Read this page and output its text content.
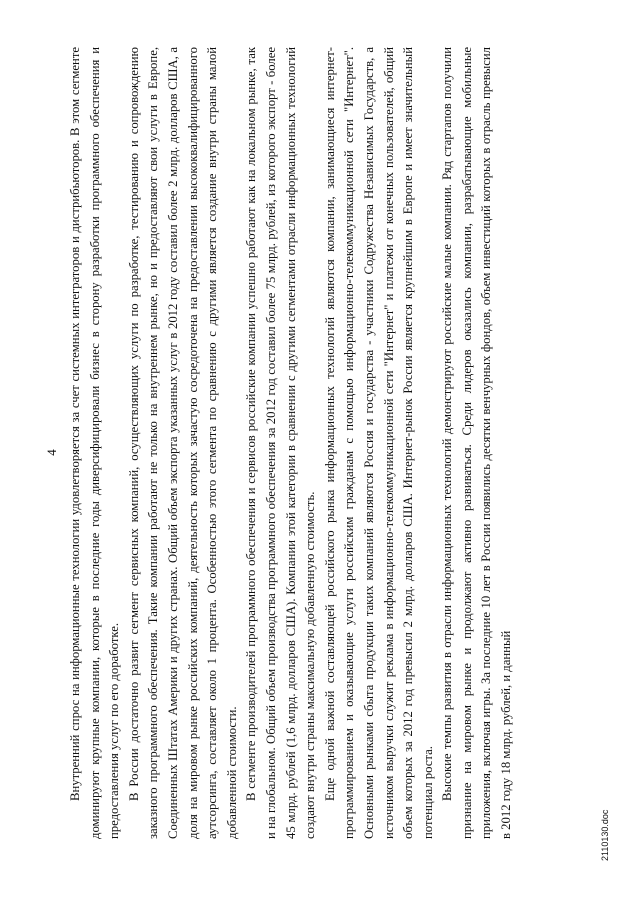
4 Внутренний спрос на информационные технологии удовлетворяется за счет системных интеграторов и дистрибьюторов. В этом сегменте доминируют крупные компании, которые в последние годы диверсифицировали бизнес в сторону разработки программного обеспечения и предоставления услуг по его доработке. В России достаточно развит сегмент сервисных компаний, осуществляющих услуги по разработке, тестированию и сопровождению заказного программного обеспечения. Такие компании работают не только на внутреннем рынке, но и предоставляют свои услуги в Европе, Соединенных Штатах Америки и других странах. Общий объем экспорта указанных услуг в 2012 году составил более 2 млрд. долларов США, а доля на мировом рынке российских компаний, деятельность которых зачастую сосредоточена на предоставлении высококвалифицированного аутсорсинга, составляет около 1 процента. Особенностью этого сегмента по сравнению с другими является создание внутри страны малой добавленной стоимости. В сегменте производителей программного обеспечения и сервисов российские компании успешно работают как на локальном рынке, так и на глобальном. Общий объем производства программного обеспечения за 2012 год составил более 75 млрд. рублей, из которого экспорт - более 45 млрд. рублей (1,6 млрд. долларов США). Компании этой категории в сравнении с другими сегментами отрасли информационных технологий создают внутри страны максимальную добавленную стоимость. Еще одной важной составляющей российского рынка информационных технологий являются компании, занимающиеся интернет-программированием и оказывающие услуги российским гражданам с помощью информационно-телекоммуникационной сети "Интернет". Основными рынками сбыта продукции таких компаний являются Россия и государства - участники Содружества Независимых Государств, а источником выручки служит реклама в информационно-телекоммуникационной сети "Интернет" и платежи от конечных пользователей, общий объем которых за 2012 год превысил 2 млрд. долларов США. Интернет-рынок России является крупнейшим в Европе и имеет значительный потенциал роста. Высокие темпы развития в отрасли информационных технологий демонстрируют российские малые компании. Ряд стартапов получили признание на мировом рынке и продолжают активно развиваться. Среди лидеров оказались компании, разрабатывающие мобильные приложения, включая игры. За последние 10 лет в России появились десятки венчурных фондов, объем инвестиций которых в отрасль превысил в 2012 году 18 млрд. рублей, и данный	2110130.doc
